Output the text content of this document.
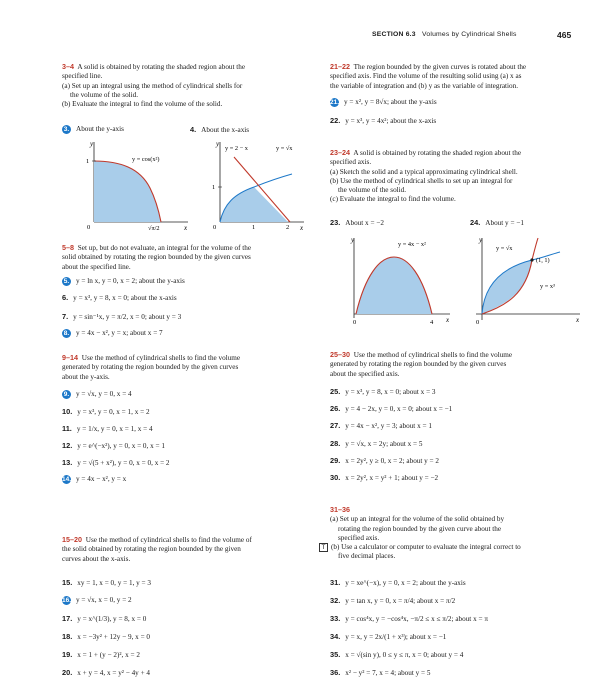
SECTION 6.3 Volumes by Cylindrical Shells	465
3–4 A solid is obtained by rotating the shaded region about the
specified line.
(a) Set up an integral using the method of cylindrical shells for
the volume of the solid.
(b) Evaluate the integral to find the volume of the solid.
3. About the y-axis	4. About the x-axis
y
x
1
0
y = cos(x²)
√π/2
y
x
1
0	1	2
y = 2 − x	y = √x
5–8 Set up, but do not evaluate, an integral for the volume of the
solid obtained by rotating the region bounded by the given curves
about the specified line.
5. y = ln x, y = 0, x = 2; about the y-axis
6. y = x³, y = 8, x = 0; about the x-axis
7. y = sin⁻¹x, y = π/2, x = 0; about y = 3
8. y = 4x − x², y = x; about x = 7
9–14 Use the method of cylindrical shells to find the volume
generated by rotating the region bounded by the given curves
about the y-axis.
9. y = √x, y = 0, x = 4
10. y = x³, y = 0, x = 1, x = 2
11. y = 1/x, y = 0, x = 1, x = 4
12. y = e^(−x²), y = 0, x = 0, x = 1
13. y = √(5 + x²), y = 0, x = 0, x = 2
14. y = 4x − x², y = x
15–20 Use the method of cylindrical shells to find the volume of
the solid obtained by rotating the region bounded by the given
curves about the x-axis.
15. xy = 1, x = 0, y = 1, y = 3
16. y = √x, x = 0, y = 2
17. y = x^(1/3), y = 8, x = 0
18. x = −3y² + 12y − 9, x = 0
19. x = 1 + (y − 2)², x = 2
20. x + y = 4, x = y² − 4y + 4
21–22 The region bounded by the given curves is rotated about the
specified axis. Find the volume of the resulting solid using (a) x as
the variable of integration and (b) y as the variable of integration.
21. y = x², y = 8√x; about the y-axis
22. y = x³, y = 4x²; about the x-axis
23–24 A solid is obtained by rotating the shaded region about the
specified axis.
(a) Sketch the solid and a typical approximating cylindrical shell.
(b) Use the method of cylindrical shells to set up an integral for
the volume of the solid.
(c) Evaluate the integral to find the volume.
23. About x = −2	24. About y = −1
y
x
0	4
y = 4x − x²
y
x
0
y = √x
(1, 1)
y = x³
25–30 Use the method of cylindrical shells to find the volume
generated by rotating the region bounded by the given curves
about the specified axis.
25. y = x³, y = 8, x = 0; about x = 3
26. y = 4 − 2x, y = 0, x = 0; about x = −1
27. y = 4x − x², y = 3; about x = 1
28. y = √x, x = 2y; about x = 5
29. x = 2y², y ≥ 0, x = 2; about y = 2
30. x = 2y², x = y² + 1; about y = −2
31–36
(a) Set up an integral for the volume of the solid obtained by
rotating the region bounded by the given curve about the
specified axis.
T (b) Use a calculator or computer to evaluate the integral correct to
five decimal places.
31. y = xe^(−x), y = 0, x = 2; about the y-axis
32. y = tan x, y = 0, x = π/4; about x = π/2
33. y = cos⁴x, y = −cos⁴x, −π/2 ≤ x ≤ π/2; about x = π
34. y = x, y = 2x/(1 + x³); about x = −1
35. x = √(sin y), 0 ≤ y ≤ π, x = 0; about y = 4
36. x² − y² = 7, x = 4; about y = 5
